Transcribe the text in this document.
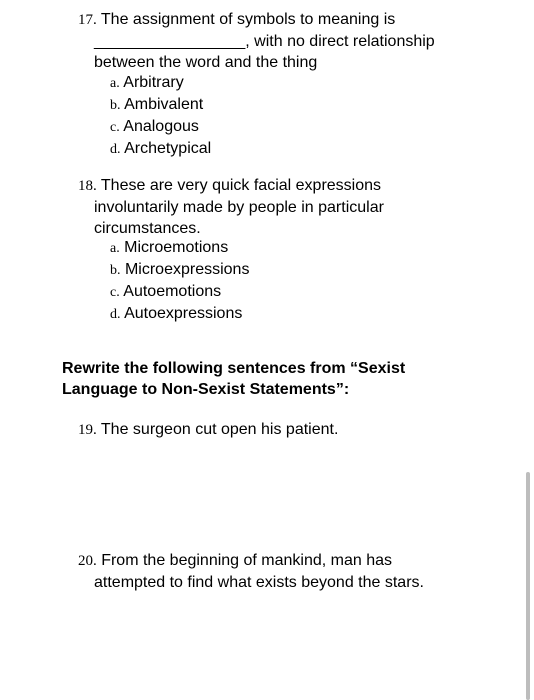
17. The assignment of symbols to meaning is
_________________, with no direct relationship
between the word and the thing
a. Arbitrary
b. Ambivalent
c. Analogous
d. Archetypical
18. These are very quick facial expressions
involuntarily made by people in particular
circumstances.
a. Microemotions
b. Microexpressions
c. Autoemotions
d. Autoexpressions
Rewrite the following sentences from “Sexist
Language to Non-Sexist Statements”:
19. The surgeon cut open his patient.
20. From the beginning of mankind, man has
attempted to find what exists beyond the stars.
